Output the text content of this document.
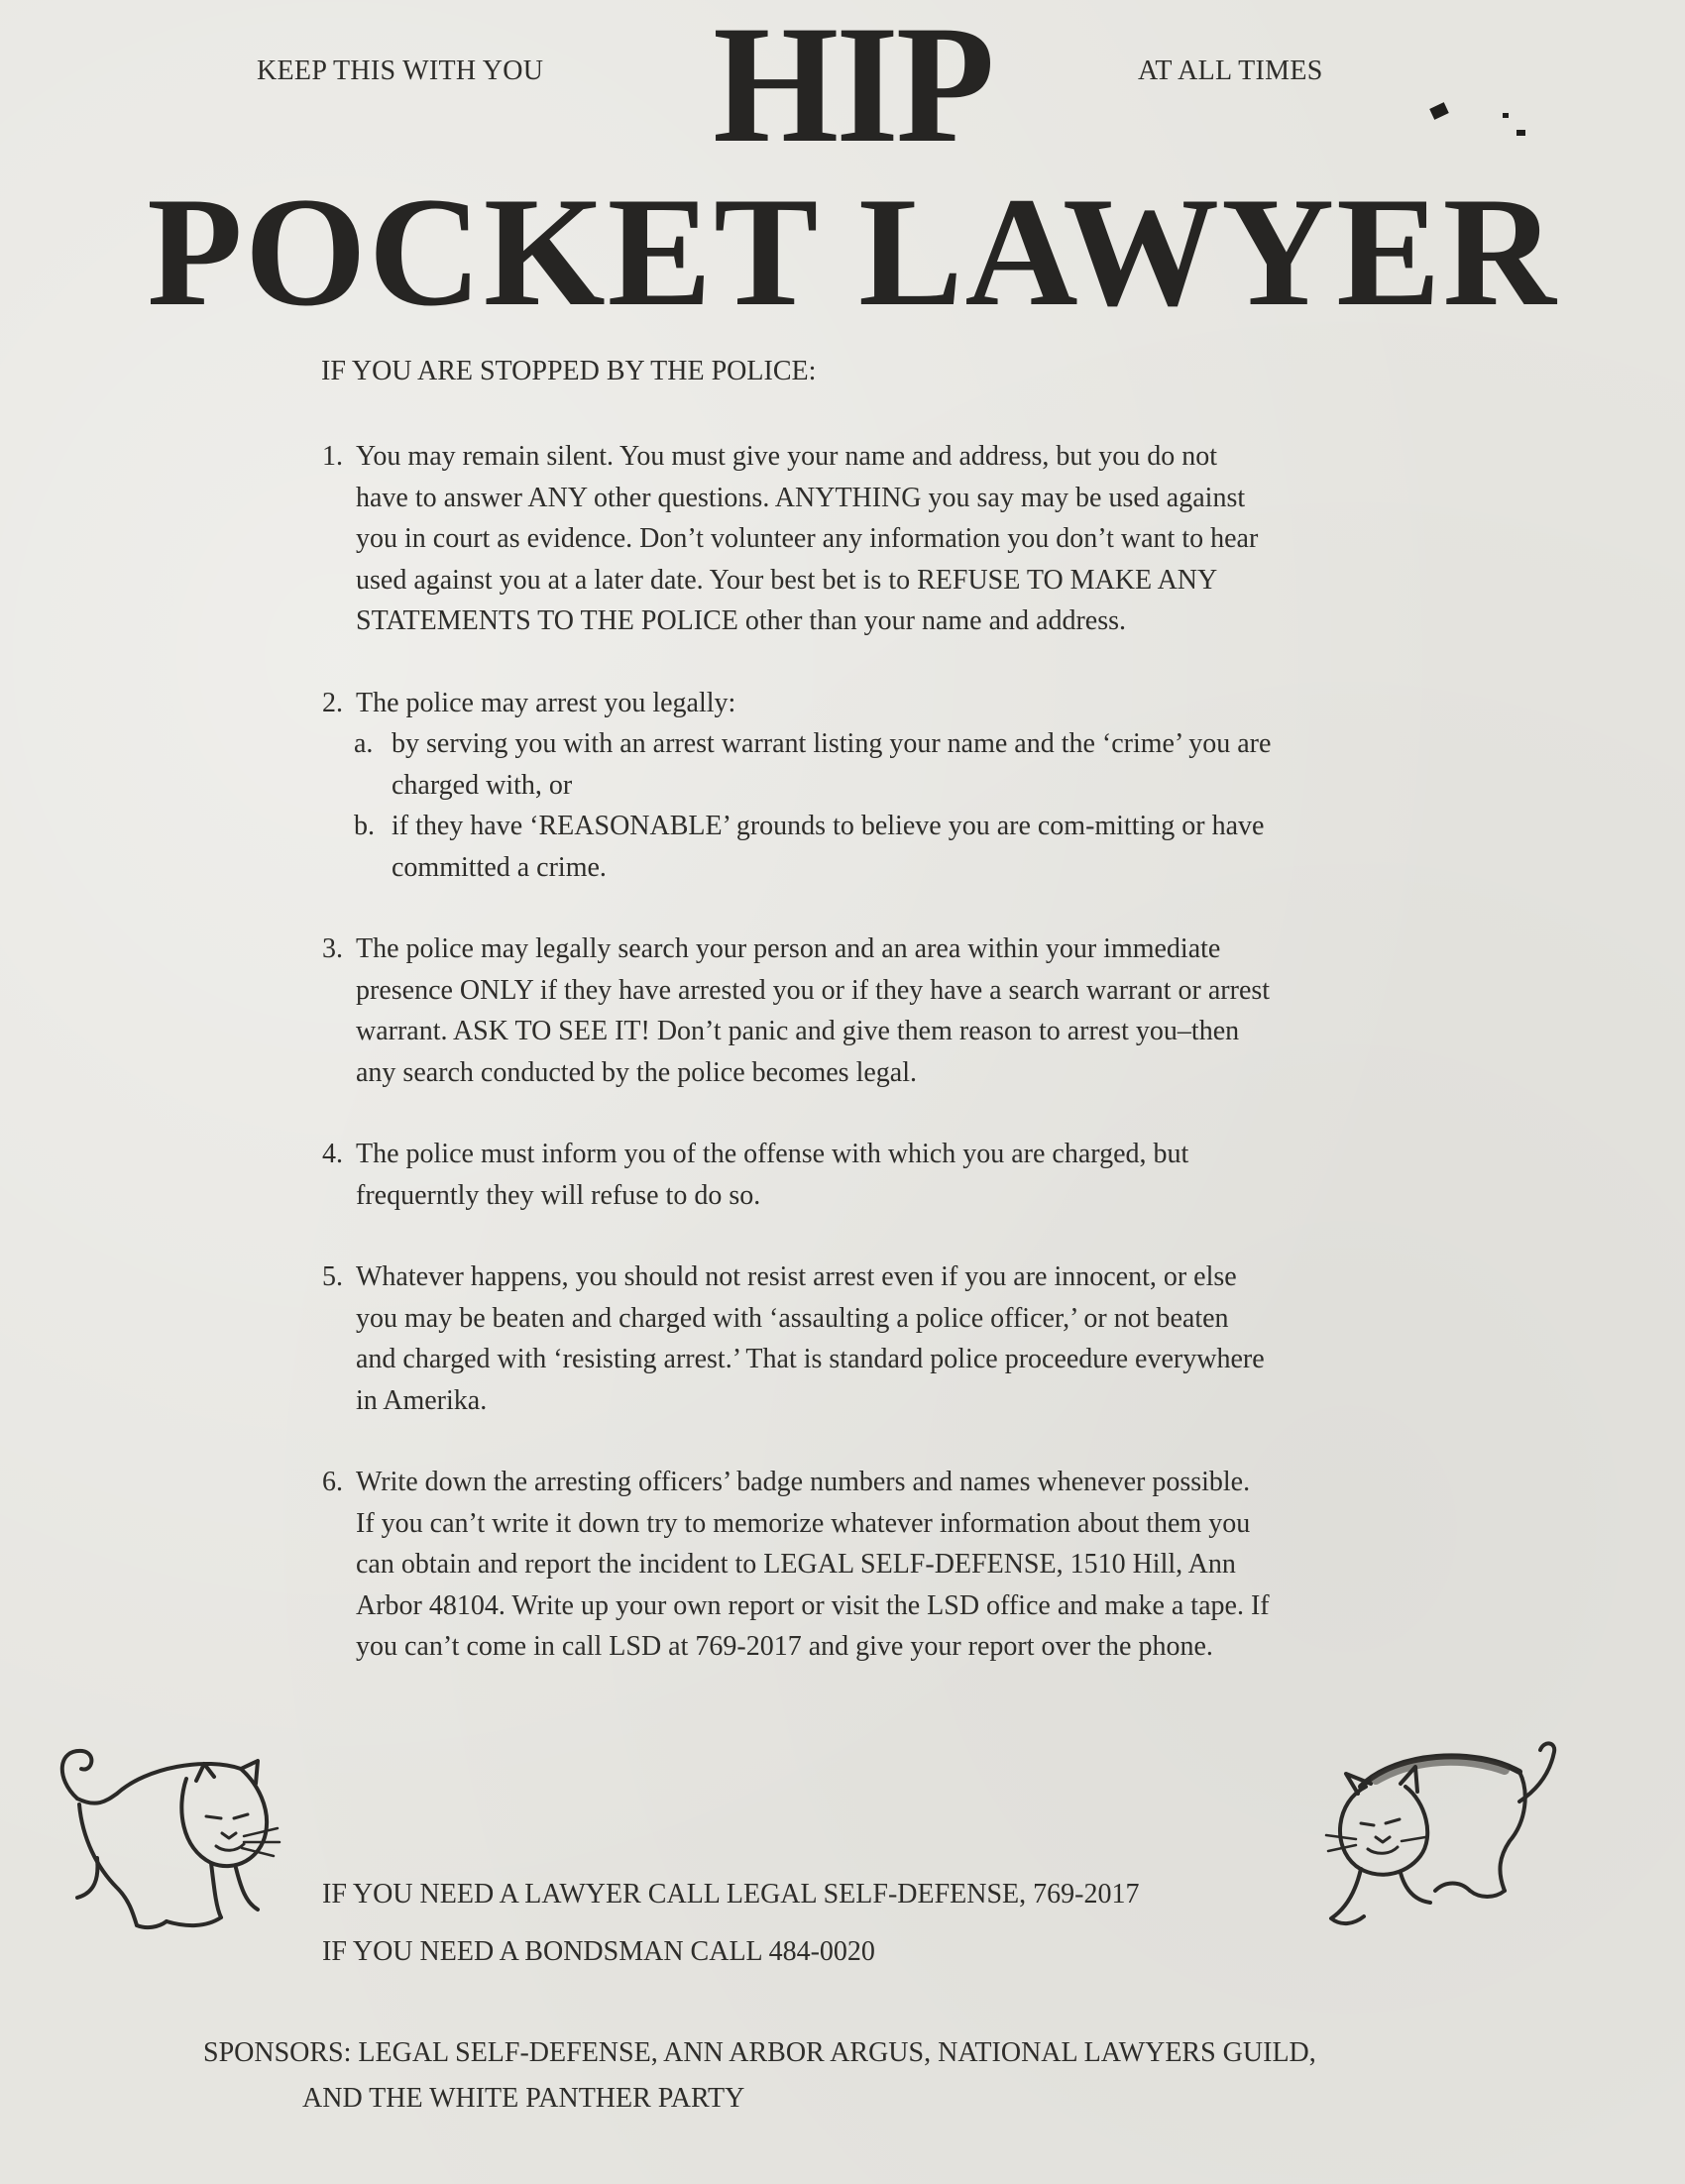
KEEP THIS WITH YOU	AT ALL TIMES
HIP
POCKET LAWYER
IF YOU ARE STOPPED BY THE POLICE:
1. You may remain silent. You must give your name and address, but you do not have to answer ANY other questions. ANYTHING you say may be used against you in court as evidence. Don’t volunteer any information you don’t want to hear used against you at a later date. Your best bet is to REFUSE TO MAKE ANY STATEMENTS TO THE POLICE other than your name and address.
2. The police may arrest you legally:
a. by serving you with an arrest warrant listing your name and the ‘crime’ you are charged with, or
b. if they have ‘REASONABLE’ grounds to believe you are com-mitting or have committed a crime.
3. The police may legally search your person and an area within your immediate presence ONLY if they have arrested you or if they have a search warrant or arrest warrant. ASK TO SEE IT! Don’t panic and give them reason to arrest you–then any search conducted by the police becomes legal.
4. The police must inform you of the offense with which you are charged, but frequerntly they will refuse to do so.
5. Whatever happens, you should not resist arrest even if you are innocent, or else you may be beaten and charged with ‘assaulting a police officer,’ or not beaten and charged with ‘resisting arrest.’ That is standard police proceedure everywhere in Amerika.
6. Write down the arresting officers’ badge numbers and names whenever possible. If you can’t write it down try to memorize whatever information about them you can obtain and report the incident to LEGAL SELF-DEFENSE, 1510 Hill, Ann Arbor 48104. Write up your own report or visit the LSD office and make a tape. If you can’t come in call LSD at 769-2017 and give your report over the phone.
IF YOU NEED A LAWYER CALL LEGAL SELF-DEFENSE, 769-2017
IF YOU NEED A BONDSMAN CALL 484-0020
SPONSORS: LEGAL SELF-DEFENSE, ANN ARBOR ARGUS, NATIONAL LAWYERS GUILD,
AND THE WHITE PANTHER PARTY
